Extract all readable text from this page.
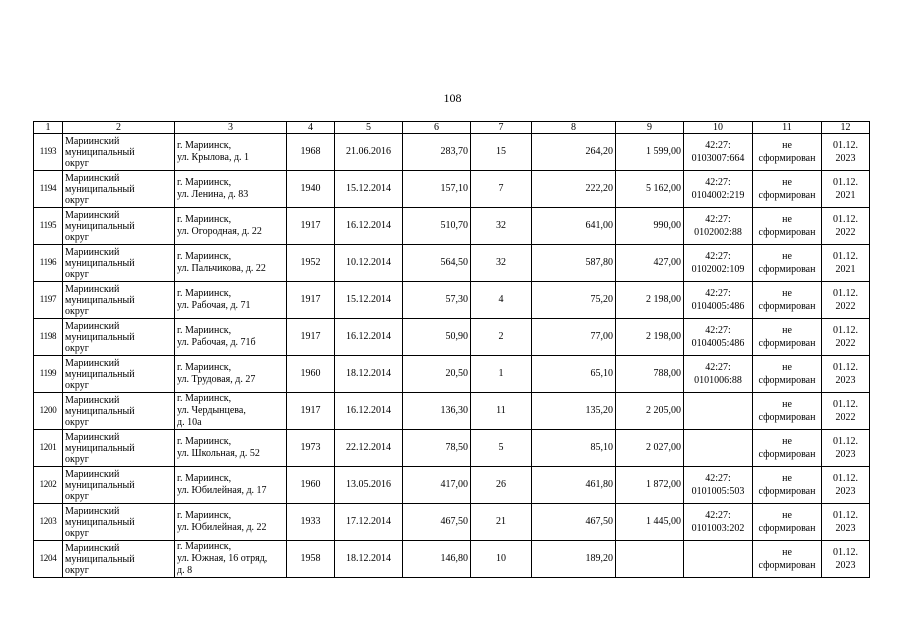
108
1	2	3	4	5	6	7	8	9	10	11	12
1193	Мариинский
муниципальный
округ	г. Мариинск,
ул. Крылова, д. 1	1968	21.06.2016	283,70	15	264,20	1 599,00	42:27:
0103007:664	не
сформирован	01.12.
2023
1194	Мариинский
муниципальный
округ	г. Мариинск,
ул. Ленина, д. 83	1940	15.12.2014	157,10	7	222,20	5 162,00	42:27:
0104002:219	не
сформирован	01.12.
2021
1195	Мариинский
муниципальный
округ	г. Мариинск,
ул. Огородная, д. 22	1917	16.12.2014	510,70	32	641,00	990,00	42:27:
0102002:88	не
сформирован	01.12.
2022
1196	Мариинский
муниципальный
округ	г. Мариинск,
ул. Пальчикова, д. 22	1952	10.12.2014	564,50	32	587,80	427,00	42:27:
0102002:109	не
сформирован	01.12.
2021
1197	Мариинский
муниципальный
округ	г. Мариинск,
ул. Рабочая, д. 71	1917	15.12.2014	57,30	4	75,20	2 198,00	42:27:
0104005:486	не
сформирован	01.12.
2022
1198	Мариинский
муниципальный
округ	г. Мариинск,
ул. Рабочая, д. 71б	1917	16.12.2014	50,90	2	77,00	2 198,00	42:27:
0104005:486	не
сформирован	01.12.
2022
1199	Мариинский
муниципальный
округ	г. Мариинск,
ул. Трудовая, д. 27	1960	18.12.2014	20,50	1	65,10	788,00	42:27:
0101006:88	не
сформирован	01.12.
2023
1200	Мариинский
муниципальный
округ	г. Мариинск,
ул. Чердынцева,
д. 10а	1917	16.12.2014	136,30	11	135,20	2 205,00		не
сформирован	01.12.
2022
1201	Мариинский
муниципальный
округ	г. Мариинск,
ул. Школьная, д. 52	1973	22.12.2014	78,50	5	85,10	2 027,00		не
сформирован	01.12.
2023
1202	Мариинский
муниципальный
округ	г. Мариинск,
ул. Юбилейная, д. 17	1960	13.05.2016	417,00	26	461,80	1 872,00	42:27:
0101005:503	не
сформирован	01.12.
2023
1203	Мариинский
муниципальный
округ	г. Мариинск,
ул. Юбилейная, д. 22	1933	17.12.2014	467,50	21	467,50	1 445,00	42:27:
0101003:202	не
сформирован	01.12.
2023
1204	Мариинский
муниципальный
округ	г. Мариинск,
ул. Южная, 16 отряд,
д. 8	1958	18.12.2014	146,80	10	189,20			не
сформирован	01.12.
2023
